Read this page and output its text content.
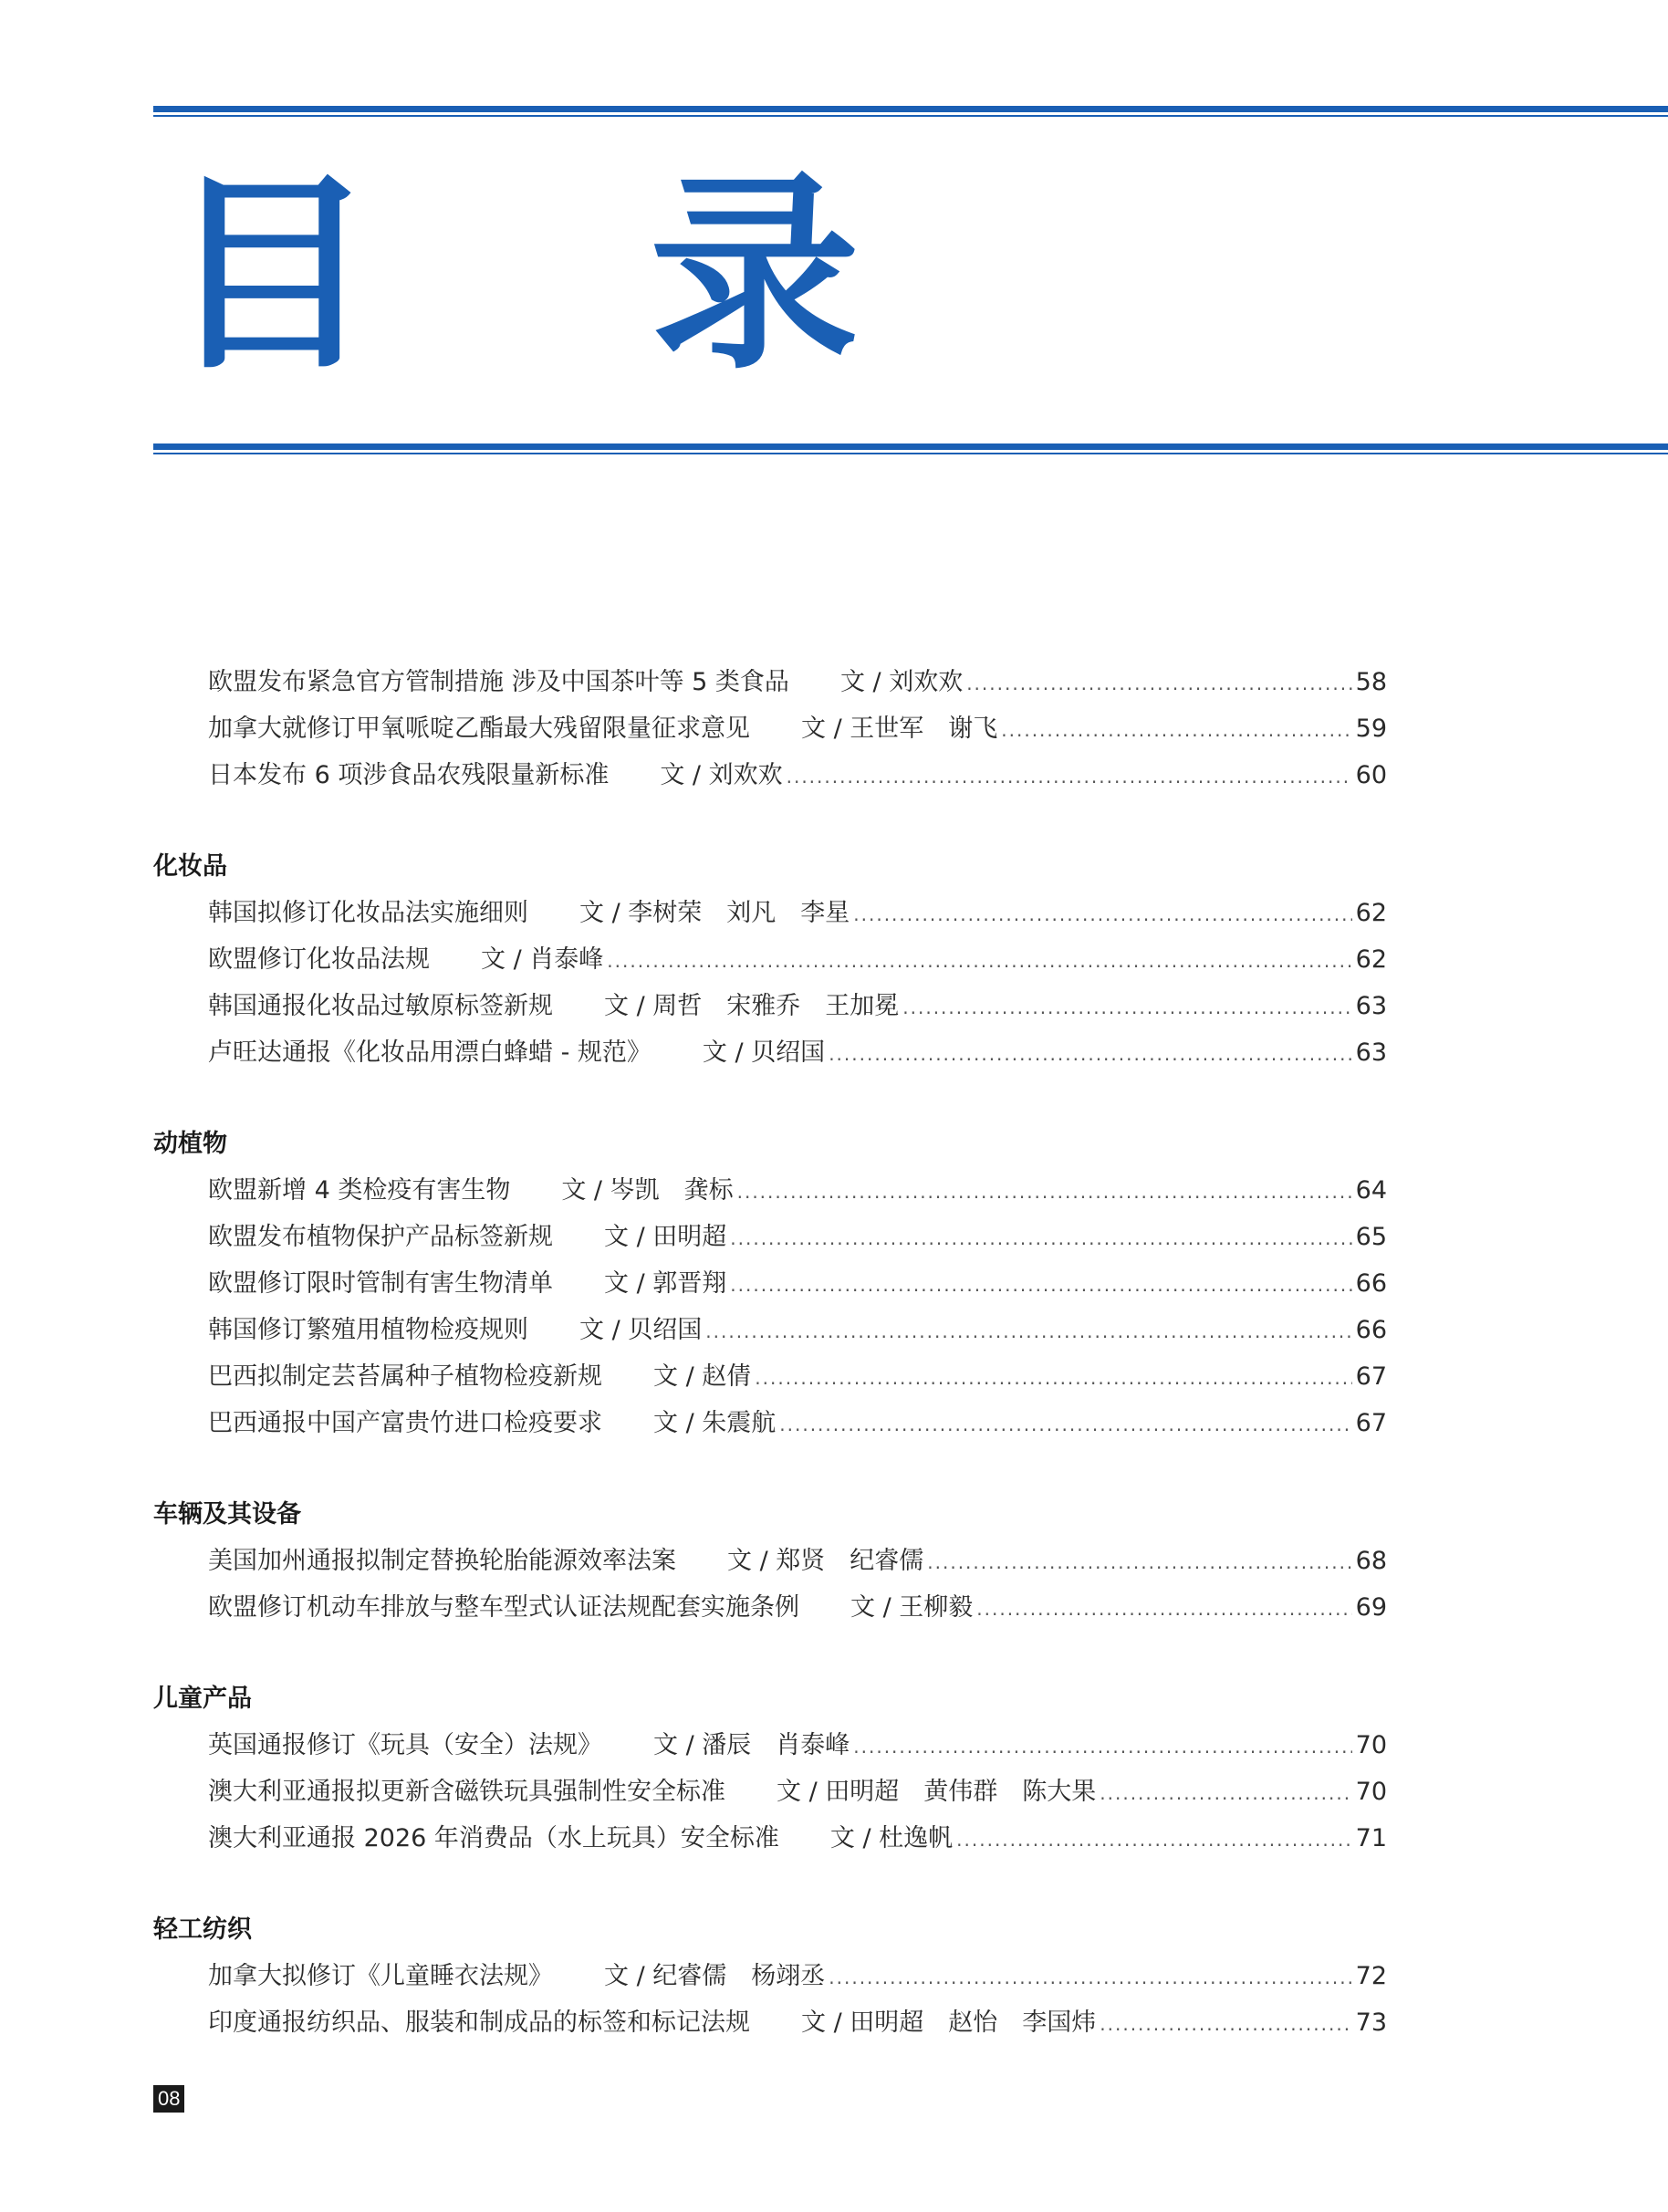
目 录
欧盟发布紧急官方管制措施 涉及中国茶叶等 5 类食品 文 / 刘欢欢 .....	58
加拿大就修订甲氧哌啶乙酯最大残留限量征求意见 文 / 王世军　谢飞 .....	59
日本发布 6 项涉食品农残限量新标准 文 / 刘欢欢 .....	60
化妆品
韩国拟修订化妆品法实施细则 文 / 李树荣　刘凡　李星 .....	62
欧盟修订化妆品法规 文 / 肖泰峰 .....	62
韩国通报化妆品过敏原标签新规 文 / 周哲　宋雅乔　王加冕 .....	63
卢旺达通报《化妆品用漂白蜂蜡 - 规范》 文 / 贝绍国 .....	63
动植物
欧盟新增 4 类检疫有害生物 文 / 岑凯　龚标 .....	64
欧盟发布植物保护产品标签新规 文 / 田明超 .....	65
欧盟修订限时管制有害生物清单 文 / 郭晋翔 .....	66
韩国修订繁殖用植物检疫规则 文 / 贝绍国 .....	66
巴西拟制定芸苔属种子植物检疫新规 文 / 赵倩 .....	67
巴西通报中国产富贵竹进口检疫要求 文 / 朱震航 .....	67
车辆及其设备
美国加州通报拟制定替换轮胎能源效率法案 文 / 郑贤　纪睿儒 .....	68
欧盟修订机动车排放与整车型式认证法规配套实施条例 文 / 王柳毅 .....	69
儿童产品
英国通报修订《玩具（安全）法规》 文 / 潘辰　肖泰峰 .....	70
澳大利亚通报拟更新含磁铁玩具强制性安全标准 文 / 田明超　黄伟群　陈大果 .....	70
澳大利亚通报 2026 年消费品（水上玩具）安全标准 文 / 杜逸帆 .....	71
轻工纺织
加拿大拟修订《儿童睡衣法规》 文 / 纪睿儒　杨翊丞 .....	72
印度通报纺织品、服装和制成品的标签和标记法规 文 / 田明超　赵怡　李国炜 .....	73
08
